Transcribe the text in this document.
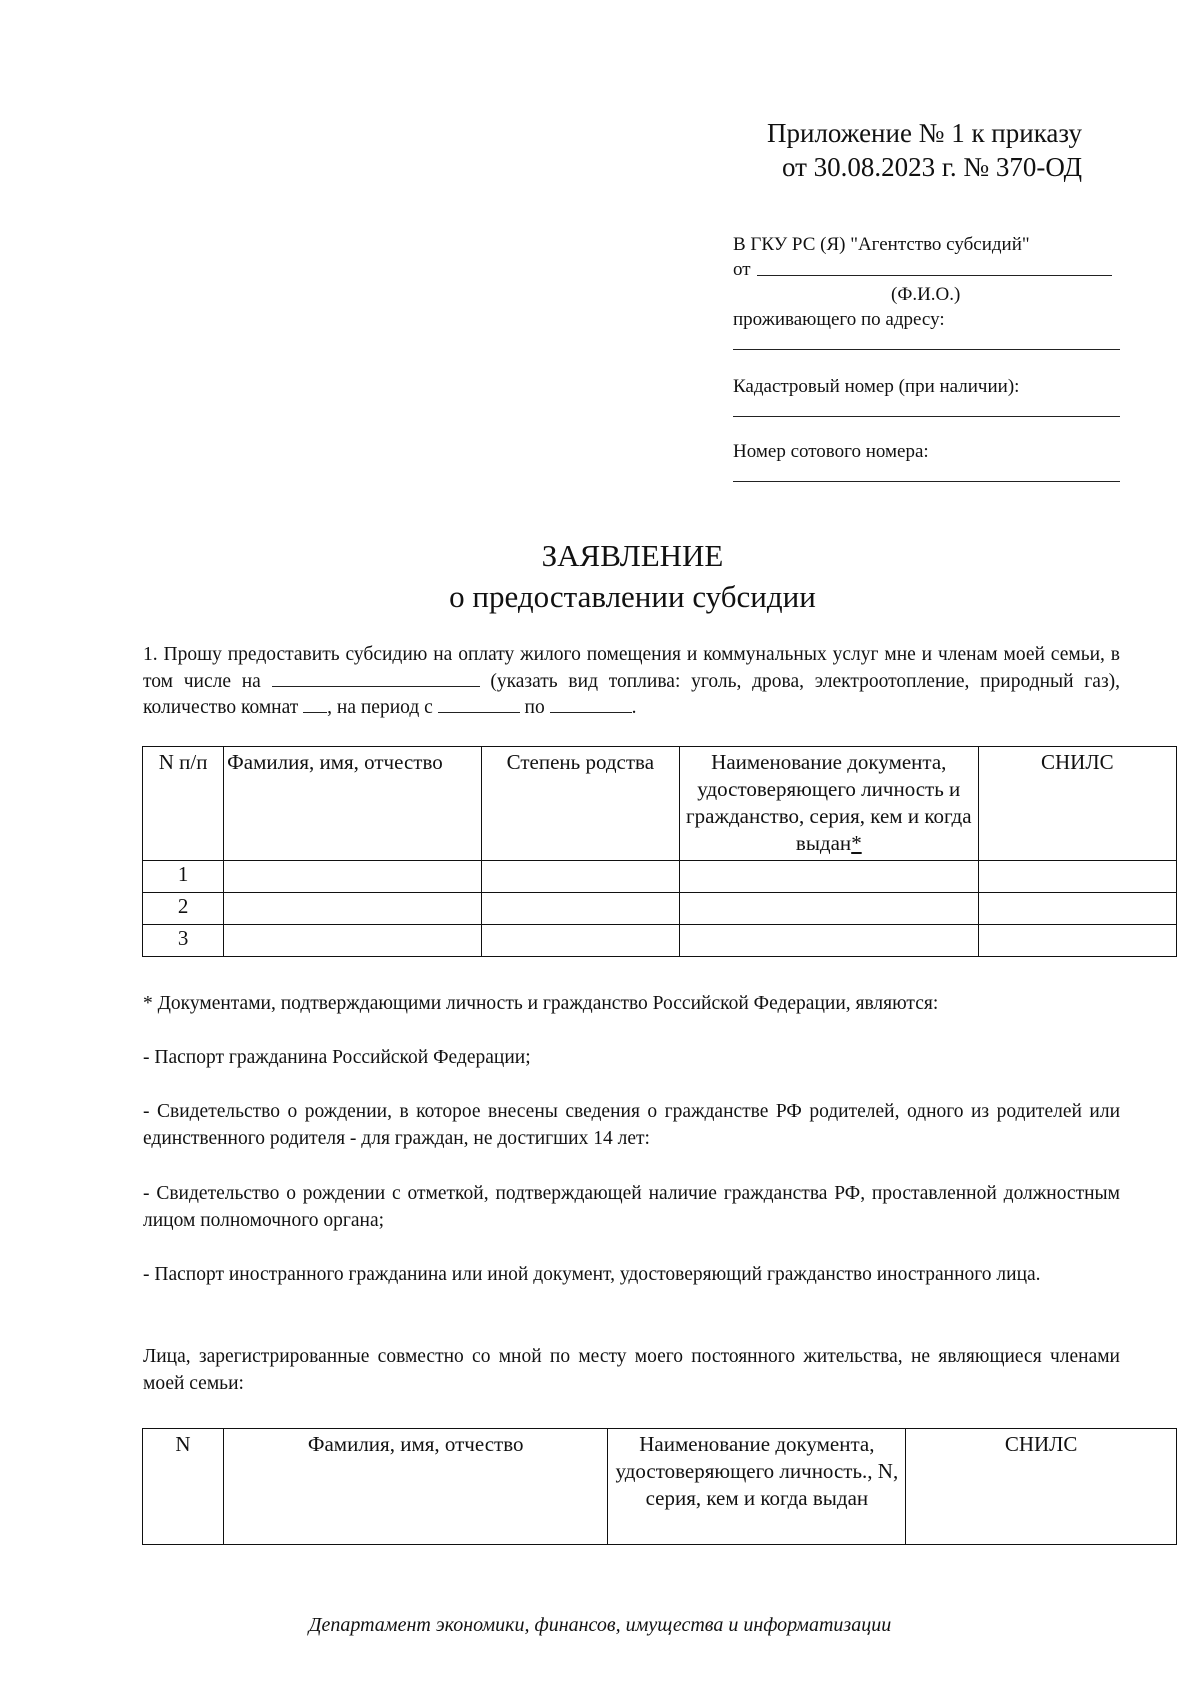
Приложение № 1 к приказу
от 30.08.2023 г. № 370-ОД
В ГКУ РС (Я) "Агентство субсидий"
от
(Ф.И.О.)
проживающего по адресу:
Кадастровый номер (при наличии):
Номер сотового номера:
ЗАЯВЛЕНИЕ
о предоставлении субсидии
1. Прошу предоставить субсидию на оплату жилого помещения и коммунальных услуг мне и членам моей семьи, в том числе на	(указать вид топлива: уголь, дрова, электроотопление, природный газ), количество комнат , на период с	по	.
N п/п	Фамилия, имя, отчество	Степень родства	Наименование документа, удостоверяющего личность и гражданство, серия, кем и когда выдан*	СНИЛС
1				
2				
3				
* Документами, подтверждающими личность и гражданство Российской Федерации, являются:
- Паспорт гражданина Российской Федерации;
- Свидетельство о рождении, в которое внесены сведения о гражданстве РФ родителей, одного из родителей или единственного родителя - для граждан, не достигших 14 лет:
- Свидетельство о рождении с отметкой, подтверждающей наличие гражданства РФ, проставленной должностным лицом полномочного органа;
- Паспорт иностранного гражданина или иной документ, удостоверяющий гражданство иностранного лица.
Лица, зарегистрированные совместно со мной по месту моего постоянного жительства, не являющиеся членами моей семьи:
N	Фамилия, имя, отчество	Наименование документа, удостоверяющего личность., N, серия, кем и когда выдан	СНИЛС
Департамент экономики, финансов, имущества и информатизации
